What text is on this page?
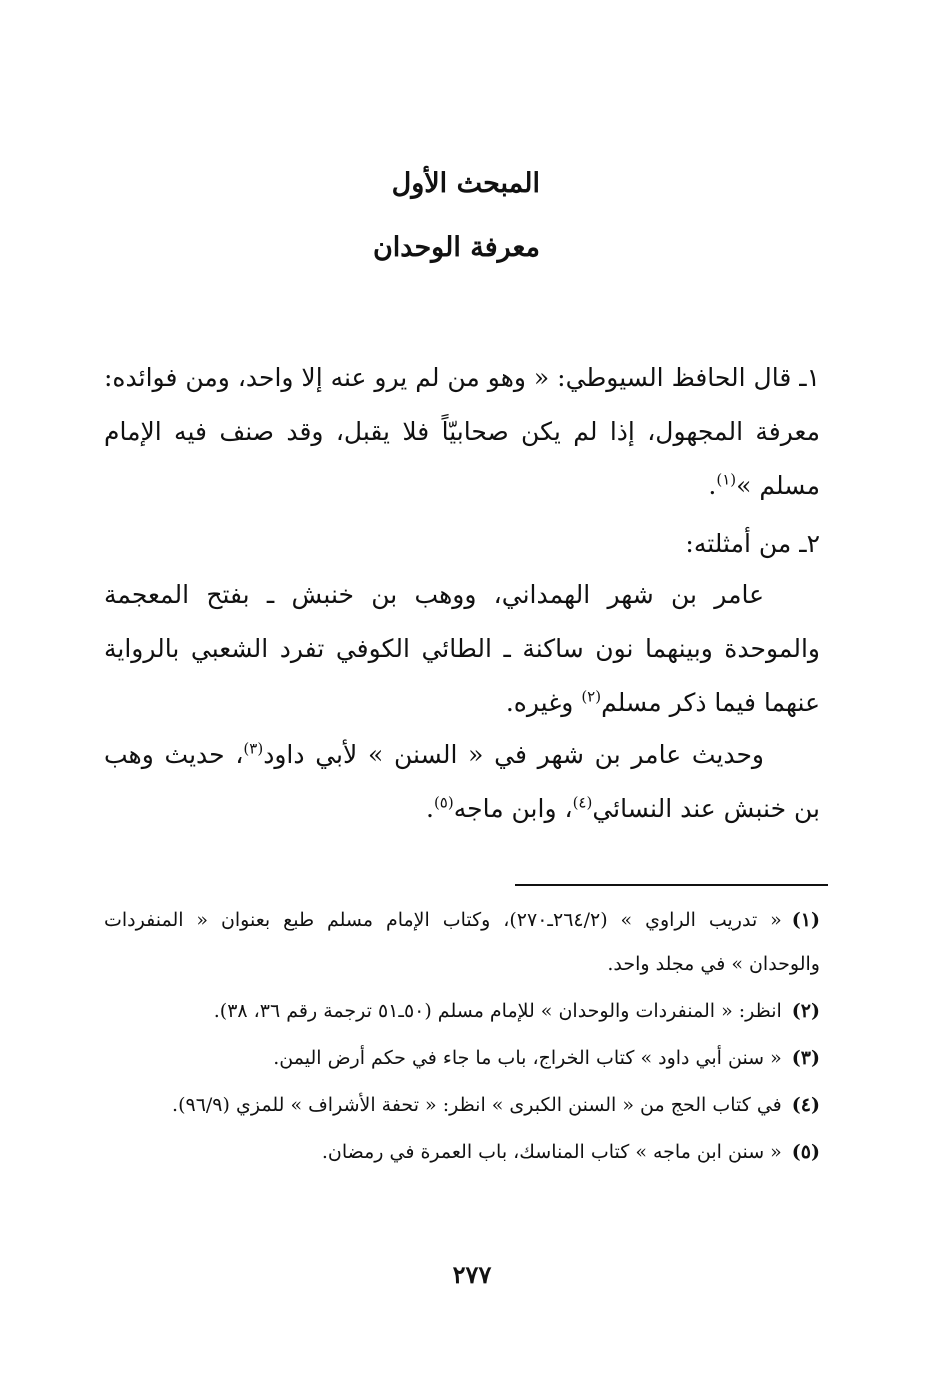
المبحث الأول
معرفة الوحدان

١ـ قال الحافظ السيوطي: « وهو من لم يرو عنه إلا واحد، ومن فوائده: معرفة المجهول، إذا لم يكن صحابيّاً فلا يقبل، وقد صنف فيه الإمام مسلم »$^{(١)}$.

٢ـ من أمثلته:

عامر بن شهر الهمداني، ووهب بن خنبش ـ بفتح المعجمة والموحدة وبينهما نون ساكنة ـ الطائي الكوفي تفرد الشعبي بالرواية عنهما فيما ذكر مسلم$^{(٢)}$ وغيره.

وحديث عامر بن شهر في « السنن » لأبي داود$^{(٣)}$، حديث وهب بن خنبش عند النسائي$^{(٤)}$، وابن ماجه$^{(٥)}$.

(١)« تدريب الراوي » (٢٦٤/٢ـ٢٧٠)، وكتاب الإمام مسلم طبع بعنوان « المنفردات والوحدان » في مجلد واحد.
(٢)انظر: « المنفردات والوحدان » للإمام مسلم (٥٠ـ٥١ ترجمة رقم ٣٦، ٣٨).
(٣)« سنن أبي داود » كتاب الخراج، باب ما جاء في حكم أرض اليمن.
(٤)في كتاب الحج من « السنن الكبرى » انظر: « تحفة الأشراف » للمزي (٩٦/٩).
(٥)« سنن ابن ماجه » كتاب المناسك، باب العمرة في رمضان.
٢٧٧
